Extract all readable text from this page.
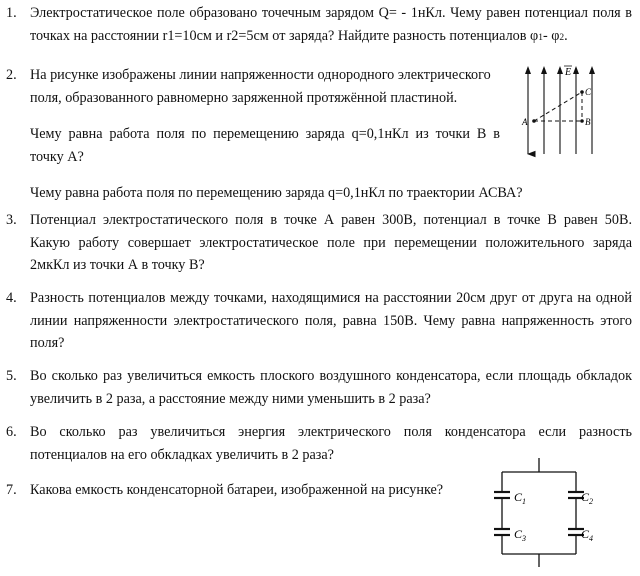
1. Электростатическое поле образовано точечным зарядом Q= - 1нКл. Чему равен потенциал поля в
точках на расстоянии r1=10см и r2=5см от заряда? Найдите разность потенциалов φ1- φ2.
2. На рисунке изображены линии напряженности однородного электрического
поля, образованного равномерно заряженной протяжённой пластиной.
Чему равна работа поля по перемещению заряда q=0,1нКл из точки В в
точку А?
Чему равна работа поля по перемещению заряда q=0,1нКл по траектории АСВА?
E
A	B
C
3. Потенциал электростатического поля в точке А равен 300В, потенциал в точке В равен 50В.
Какую работу совершает электростатическое поле при перемещении положительного заряда
2мкКл из точки А в точку В?
4. Разность потенциалов между точками, находящимися на расстоянии 20см друг от друга на одной
линии напряженности электростатического поля, равна 150В. Чему равна напряженность этого
поля?
5. Во сколько раз увеличиться емкость плоского воздушного конденсатора, если площадь обкладок
увеличить в 2 раза, а расстояние между ними уменьшить в 2 раза?
6. Во сколько раз увеличиться энергия электрического поля конденсатора если разность
потенциалов на его обкладках увеличить в 2 раза?
7. Какова емкость конденсаторной батареи, изображенной на рисунке?	$C_1$
$C_3$
$C_2$
$C_4$
